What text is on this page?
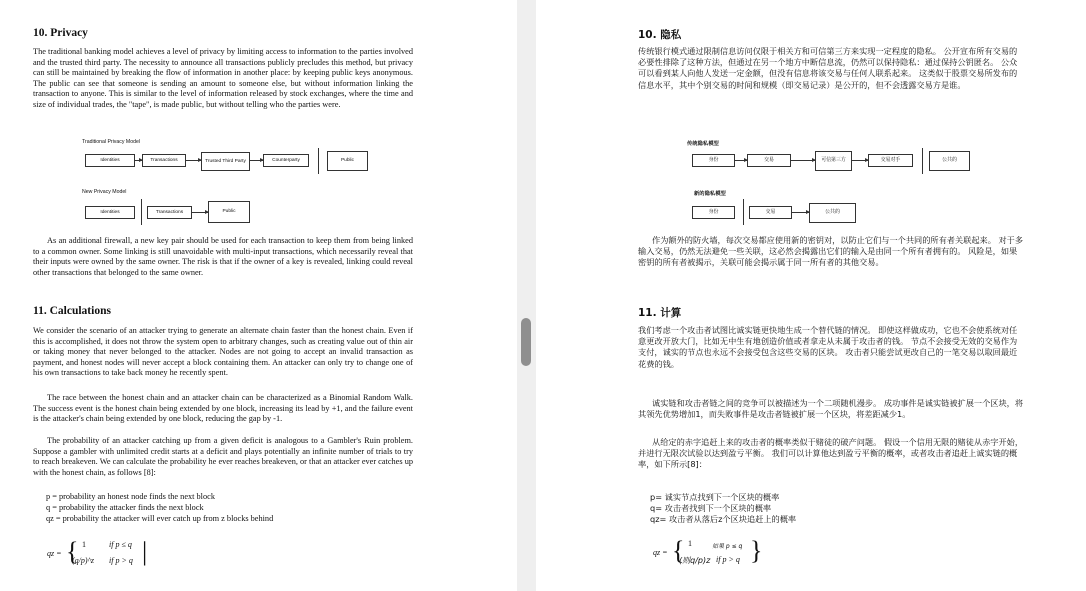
10. Privacy

The traditional banking model achieves a level of privacy by limiting access to information to the parties involved and the trusted third party. The necessity to announce all transactions publicly precludes this method, but privacy can still be maintained by breaking the flow of information in another place: by keeping public keys anonymous. The public can see that someone is sending an amount to someone else, but without information linking the transaction to anyone. This is similar to the level of information released by stock exchanges, where the time and size of individual trades, the "tape", is made public, but without telling who the parties were.

Traditional Privacy Model
Identities	Transactions	Trusted Third Party	Counterparty	Public
New Privacy Model
Identities	Transactions	Public

As an additional firewall, a new key pair should be used for each transaction to keep them from being linked to a common owner. Some linking is still unavoidable with multi-input transactions, which necessarily reveal that their inputs were owned by the same owner. The risk is that if the owner of a key is revealed, linking could reveal other transactions that belonged to the same owner.

11. Calculations

We consider the scenario of an attacker trying to generate an alternate chain faster than the honest chain. Even if this is accomplished, it does not throw the system open to arbitrary changes, such as creating value out of thin air or taking money that never belonged to the attacker. Nodes are not going to accept an invalid transaction as payment, and honest nodes will never accept a block containing them. An attacker can only try to change one of his own transactions to take back money he recently spent.

The race between the honest chain and an attacker chain can be characterized as a Binomial Random Walk. The success event is the honest chain being extended by one block, increasing its lead by +1, and the failure event is the attacker's chain being extended by one block, reducing the gap by -1.

The probability of an attacker catching up from a given deficit is analogous to a Gambler's Ruin problem. Suppose a gambler with unlimited credit starts at a deficit and plays potentially an infinite number of trials to try to reach breakeven. We can calculate the probability he ever reaches breakeven, or that an attacker ever catches up with the honest chain, as follows [8]:

p = probability an honest node finds the next block
q = probability the attacker finds the next block
qz = probability the attacker will ever catch up from z blocks behind
qz = { 1	if p ≤ q
(q/p)^z if p > q |
10. 隐私

传统银行模式通过限制信息访问仅限于相关方和可信第三方来实现一定程度的隐私。 公开宣布所有交易的必要性排除了这种方法，但通过在另一个地方中断信息流，仍然可以保持隐私：通过保持公钥匿名。 公众可以看到某人向他人发送一定金额，但没有信息将该交易与任何人联系起来。 这类似于股票交易所发布的信息水平，其中个别交易的时间和规模（即交易记录）是公开的，但不会透露交易方是谁。

传统隐私模型
身份	交易	可信第三方	交易对手	公共的
新的隐私模型
身份	交易	公共的

作为额外的防火墙，每次交易都应使用新的密钥对，以防止它们与一个共同的所有者关联起来。 对于多输入交易，仍然无法避免一些关联，这必然会揭露出它们的输入是由同一个所有者拥有的。 风险是，如果密钥的所有者被揭示，关联可能会揭示属于同一所有者的其他交易。

11. 计算

我们考虑一个攻击者试图比诚实链更快地生成一个替代链的情况。 即使这样做成功，它也不会使系统对任意更改开放大门，比如无中生有地创造价值或者拿走从未属于攻击者的钱。 节点不会接受无效的交易作为支付，诚实的节点也永远不会接受包含这些交易的区块。 攻击者只能尝试更改自己的一笔交易以取回最近花费的钱。

诚实链和攻击者链之间的竞争可以被描述为一个二项随机漫步。 成功事件是诚实链被扩展一个区块，将其领先优势增加1，而失败事件是攻击者链被扩展一个区块，将差距减少1。

从给定的赤字追赶上来的攻击者的概率类似于赌徒的破产问题。 假设一个信用无限的赌徒从赤字开始，并进行无限次试验以达到盈亏平衡。 我们可以计算他达到盈亏平衡的概率，或者攻击者追赶上诚实链的概率，如下所示[8]：

p= 诚实节点找到下一个区块的概率
q= 攻击者找到下一个区块的概率
qz= 攻击者从落后z个区块追赶上的概率
qz = { 1	如果 p ≤ q
(则q/p)z if p > q }
